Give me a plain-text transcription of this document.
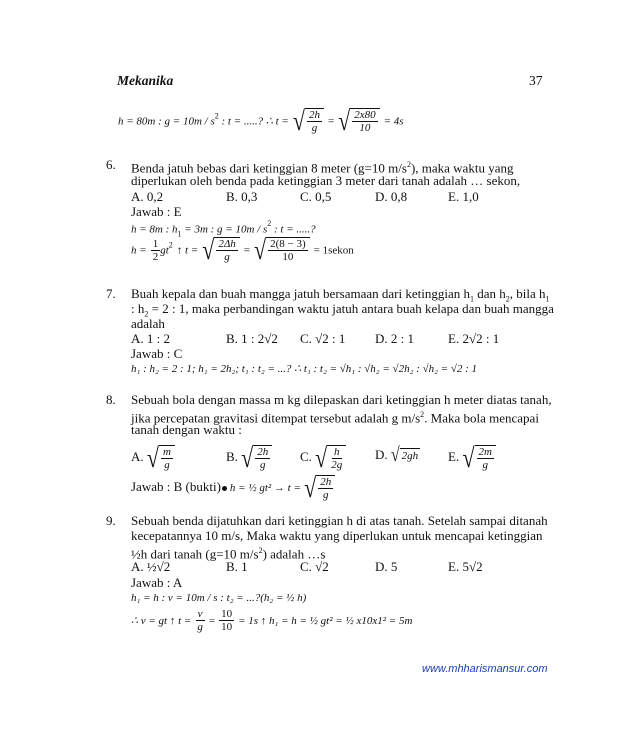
Mekanika	37
h = 80m : $g = 10m / s^2$ : t = .....? ∴ t = √ $\frac{2h}{g}$ = √ $\frac{2x80}{10} = 4s$
6. Benda jatuh bebas dari ketinggian 8 meter (g=10 $m/s^2$), maka waktu yang
diperlukan oleh benda pada ketinggian 3 meter dari tanah adalah … sekon,
A. 0,2	B. 0,3	C. 0,5	D. 0,8	E. 1,0
Jawab : E
h = 8m : $h_1 = 3m$ : $g = 10m / s^2$ : t = .....?
$h = \frac{1}{2} gt^2$ ↑ t = √ $\frac{2\Delta h}{g}$ = √ $\frac{2(8 - 3)}{10}$ = 1sekon
7. Buah kepala dan buah mangga jatuh bersamaan dari ketinggian $h_1$ dan $h_2$, bila $h_1$
: $h_2 = 2$ : 1, maka perbandingan waktu jatuh antara buah kelapa dan buah mangga
adalah
A. 1 : 2	B. 1 : 2√2 C. √2 : 1 D. 2 : 1	E. 2√2 : 1
Jawab : C
h₁ : h₂ = 2 : 1; h₁ = 2h₂; t₁ : t₂ = ...? ∴ t₁ : t₂ = √h₁ : √h₂ = √2h₂ : √h₂ = √2 : 1
8. Sebuah bola dengan massa m kg dilepaskan dari ketinggian h meter diatas tanah,
jika percepatan gravitasi ditempat tersebut adalah g $m/s^2$. Maka bola mencapai
tanah dengan waktu :
A. √ $\frac{m}{g}$	B. √ $\frac{2h}{g} C$. √ $\frac{h}{2g} D$. √ 2gh E. √ $\frac{2m}{g}$
Jawab : B (bukti) h = ½ gt² → t = √ $\frac{2h}{g}$
9. Sebuah benda dijatuhkan dari ketinggian h di atas tanah. Setelah sampai ditanah
kecepatannya 10 m/s, Maka waktu yang diperlukan untuk mencapai ketinggian
½h dari tanah (g=10 $m/s^2$) adalah …s
A. ½√2	B. 1	C. √2	D. 5	E. 5√2
Jawab : A
h₁ = h : v = 10m / s : t₂ = ...?(h₂ = ½ h)
∴ v = gt ↑ $t = \frac{v}{g} = \frac{10}{10} = 1s$ ↑ h₁ = h = ½ gt² = ½ x10x1² = 5m
www.mhharismansur.com
